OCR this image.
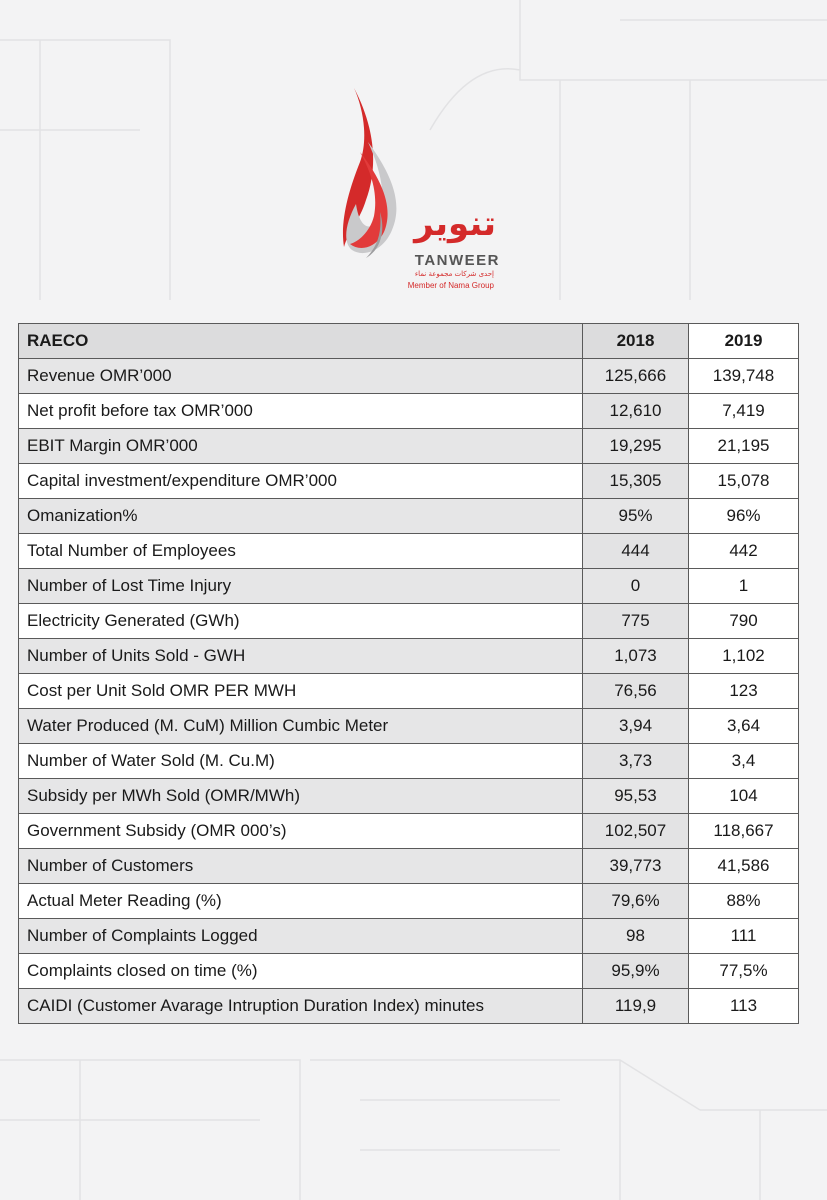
تنوير
TANWEER
إحدى شركات مجموعة نماء
Member of Nama Group
RAECO	2018	2019
Revenue OMR’000	125,666	139,748
Net profit before tax OMR’000	12,610	7,419
EBIT Margin OMR’000	19,295	21,195
Capital investment/expenditure OMR’000	15,305	15,078
Omanization%	95%	96%
Total Number of Employees	444	442
Number of Lost Time Injury	0	1
Electricity Generated (GWh)	775	790
Number of Units Sold - GWH	1,073	1,102
Cost per Unit Sold OMR PER MWH	76,56	123
Water Produced (M. CuM) Million Cumbic Meter	3,94	3,64
Number of Water Sold (M. Cu.M)	3,73	3,4
Subsidy per MWh Sold (OMR/MWh)	95,53	104
Government Subsidy (OMR 000’s)	102,507	118,667
Number of Customers	39,773	41,586
Actual Meter Reading (%)	79,6%	88%
Number of Complaints Logged	98	111
Complaints closed on time (%)	95,9%	77,5%
CAIDI (Customer Avarage Intruption Duration Index) minutes	119,9	113
